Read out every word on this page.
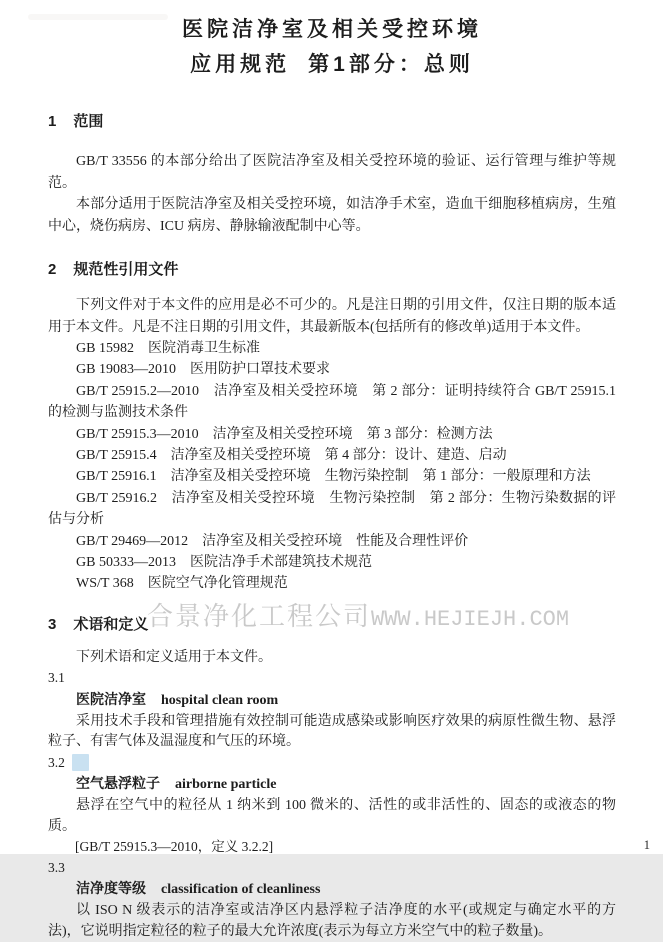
医院洁净室及相关受控环境
应用规范 第1部分：总则
1 范围

GB/T 33556 的本部分给出了医院洁净室及相关受控环境的验证、运行管理与维护等规范。

本部分适用于医院洁净室及相关受控环境，如洁净手术室，造血干细胞移植病房，生殖中心，烧伤病房、ICU 病房、静脉输液配制中心等。

2 规范性引用文件

下列文件对于本文件的应用是必不可少的。凡是注日期的引用文件，仅注日期的版本适用于本文件。凡是不注日期的引用文件，其最新版本(包括所有的修改单)适用于本文件。

GB 15982　医院消毒卫生标准
GB 19083—2010　医用防护口罩技术要求
GB/T 25915.2—2010　洁净室及相关受控环境　第 2 部分：证明持续符合 GB/T 25915.1 的检测与监测技术条件
GB/T 25915.3—2010　洁净室及相关受控环境　第 3 部分：检测方法
GB/T 25915.4　洁净室及相关受控环境　第 4 部分：设计、建造、启动
GB/T 25916.1　洁净室及相关受控环境　生物污染控制　第 1 部分：一般原理和方法
GB/T 25916.2　洁净室及相关受控环境　生物污染控制　第 2 部分：生物污染数据的评估与分析
GB/T 29469—2012　洁净室及相关受控环境　性能及合理性评价
GB 50333—2013　医院洁净手术部建筑技术规范
WS/T 368　医院空气净化管理规范
3 术语和定义
合景净化工程公司WWW.HEJIEJH.COM

下列术语和定义适用于本文件。

3.1
医院洁净室 hospital clean room

采用技术手段和管理措施有效控制可能造成感染或影响医疗效果的病原性微生物、悬浮粒子、有害气体及温湿度和气压的环境。

3.2
空气悬浮粒子 airborne particle

悬浮在空气中的粒径从 1 纳米到 100 微米的、活性的或非活性的、固态的或液态的物质。

[GB/T 25915.3—2010，定义 3.2.2]
3.3
洁净度等级 classification of cleanliness

以 ISO N 级表示的洁净室或洁净区内悬浮粒子洁净度的水平(或规定与确定水平的方法)，它说明指定粒径的粒子的最大允许浓度(表示为每立方米空气中的粒子数量)。

1
